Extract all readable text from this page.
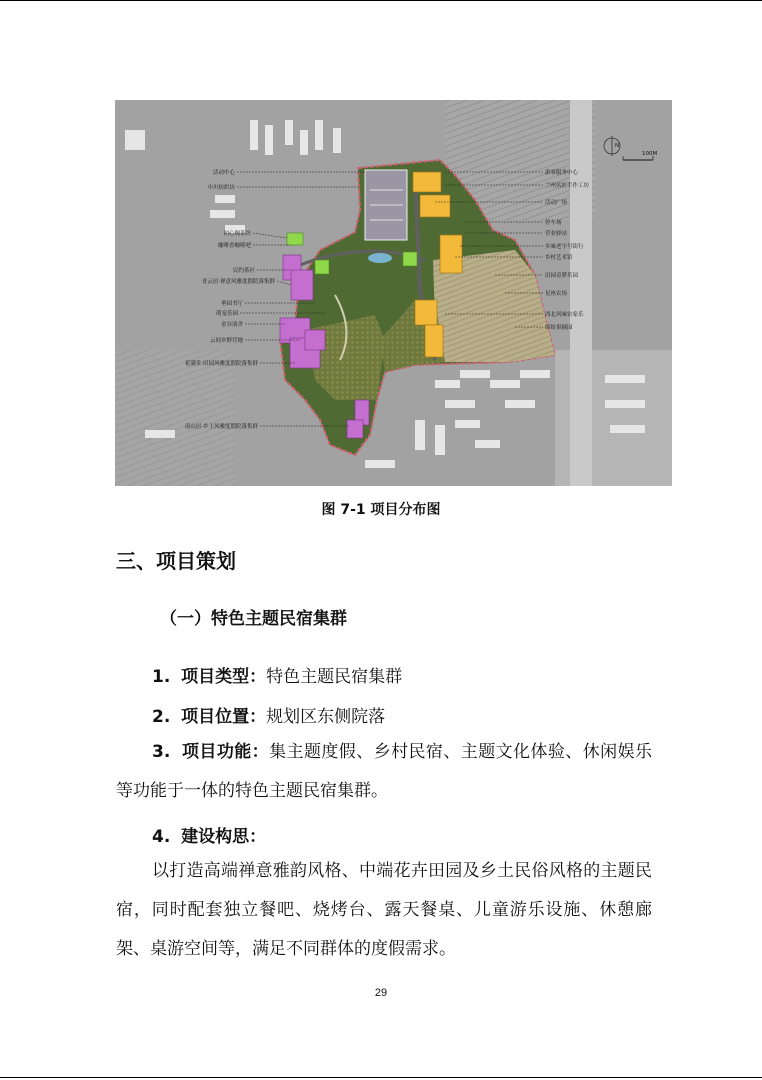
活动中心
中川纺织坊
初心阁茶坊
咖啡香咖啡吧
民约茶社
青云居·禅意风雅度假院落集群
垂园书厅
萌宠乐园
金谷演舍
云间乡野营地
花满堂·田园风雅度假院落集群
南山居·乡土风雅度假院落集群
游客服务中心
兰州名匠手作工坊
活动广场
停车场
营业驿站
乡味老字号街行
乡村艺术馆
田园奇梦乐园
星座农场
西北风味农家乐
缤纷果摘园
N
100M
图 7-1 项目分布图
三、项目策划
（一）特色主题民宿集群
1. 项目类型：特色主题民宿集群
2. 项目位置：规划区东侧院落

3. 项目功能：集主题度假、乡村民宿、主题文化体验、休闲娱乐等功能于一体的特色主题民宿集群。

4. 建设构思：

以打造高端禅意雅韵风格、中端花卉田园及乡土民俗风格的主题民宿，同时配套独立餐吧、烧烤台、露天餐桌、儿童游乐设施、休憩廊架、桌游空间等，满足不同群体的度假需求。

29
